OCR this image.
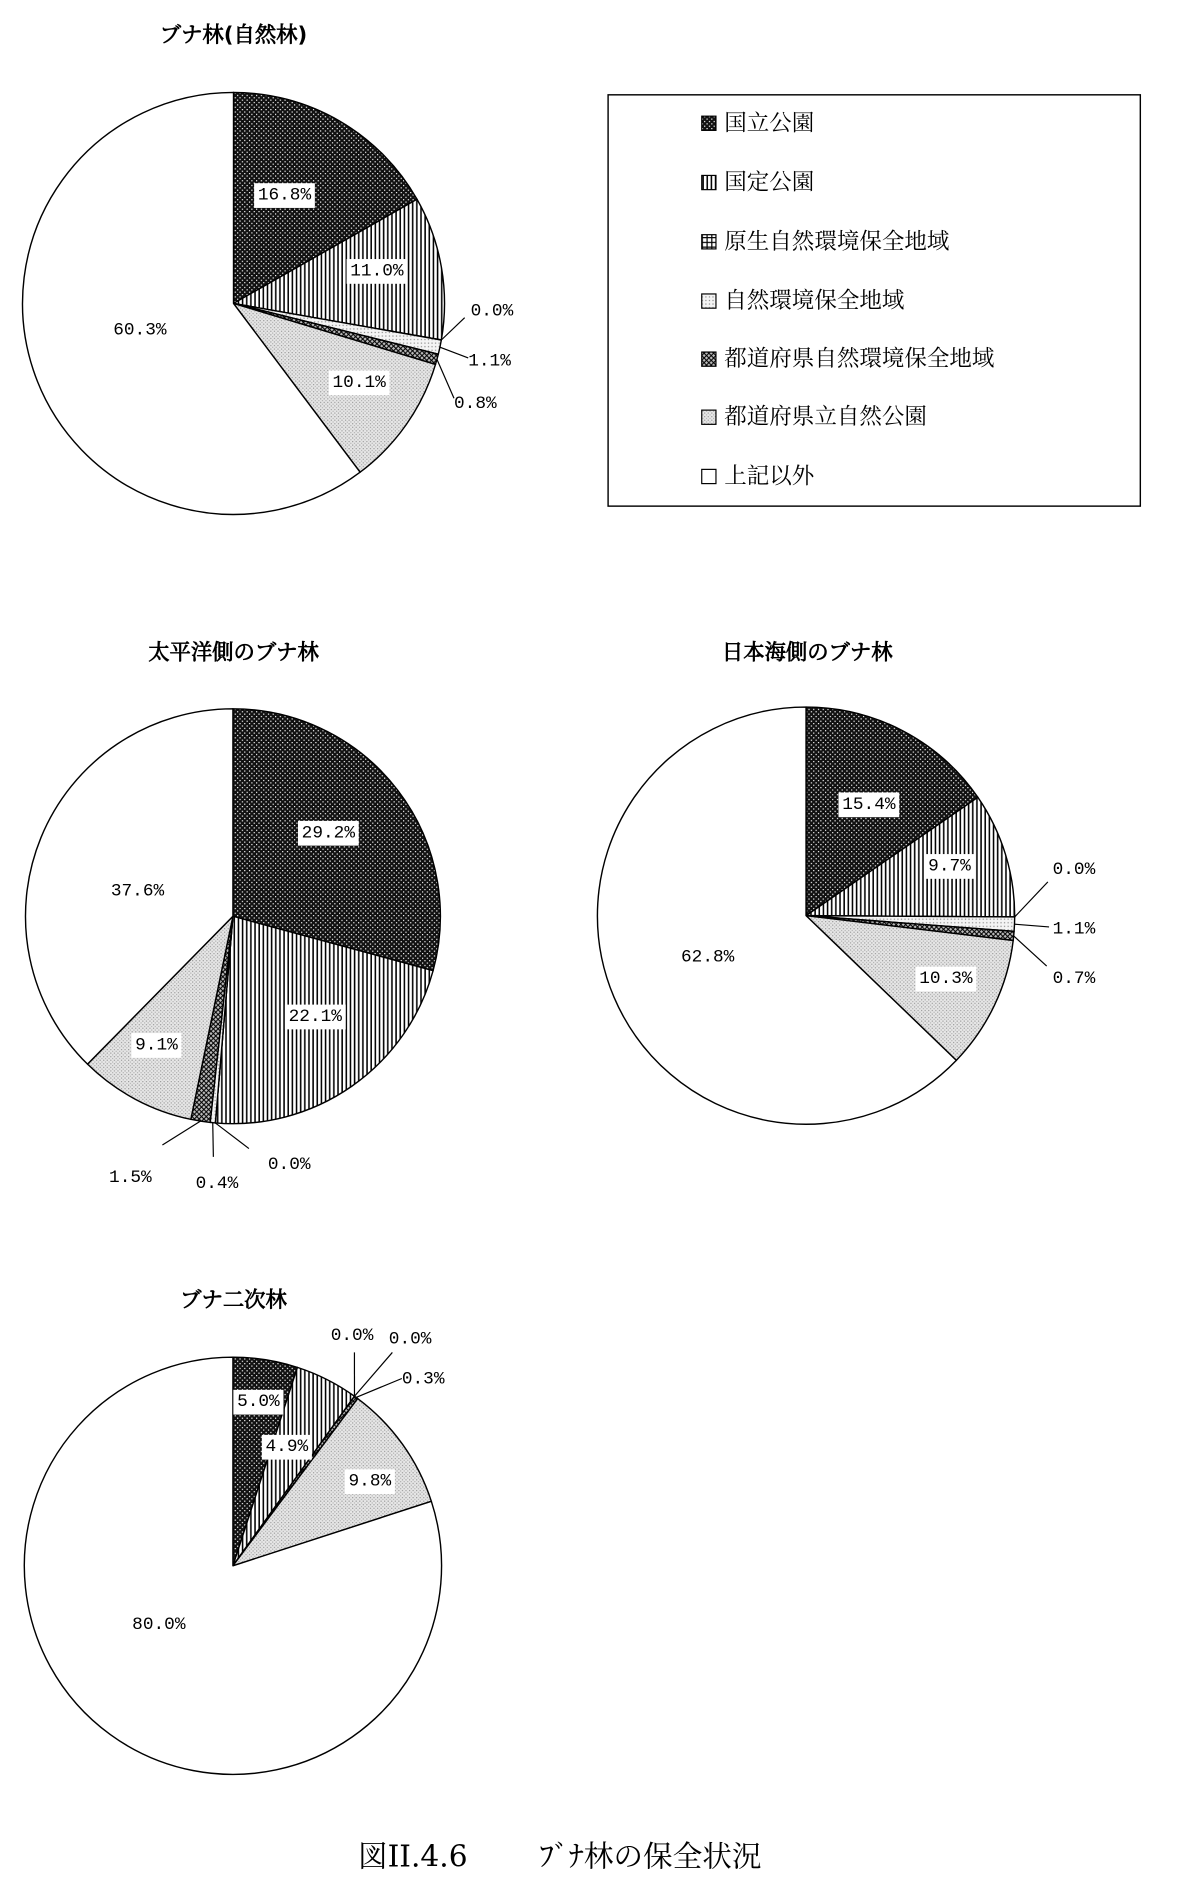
ブナ林(自然林)
16.8%
11.0%
0.0%
1.1%
0.8%
10.1%
60.3%
国立公園
国定公園
原生自然環境保全地域
自然環境保全地域
都道府県自然環境保全地域
都道府県立自然公園
上記以外
太平洋側のブナ林
29.2%
22.1%
0.0%
0.4%
1.5%
9.1%
37.6%
日本海側のブナ林
15.4%
9.7%	0.0%
1.1%
0.7%
10.3%
62.8%
ブナ二次林
5.0%
4.9%
0.0% 0.0%
0.3%
9.8%
80.0%
図II.4.6	ﾌﾞﾅ林の保全状況
